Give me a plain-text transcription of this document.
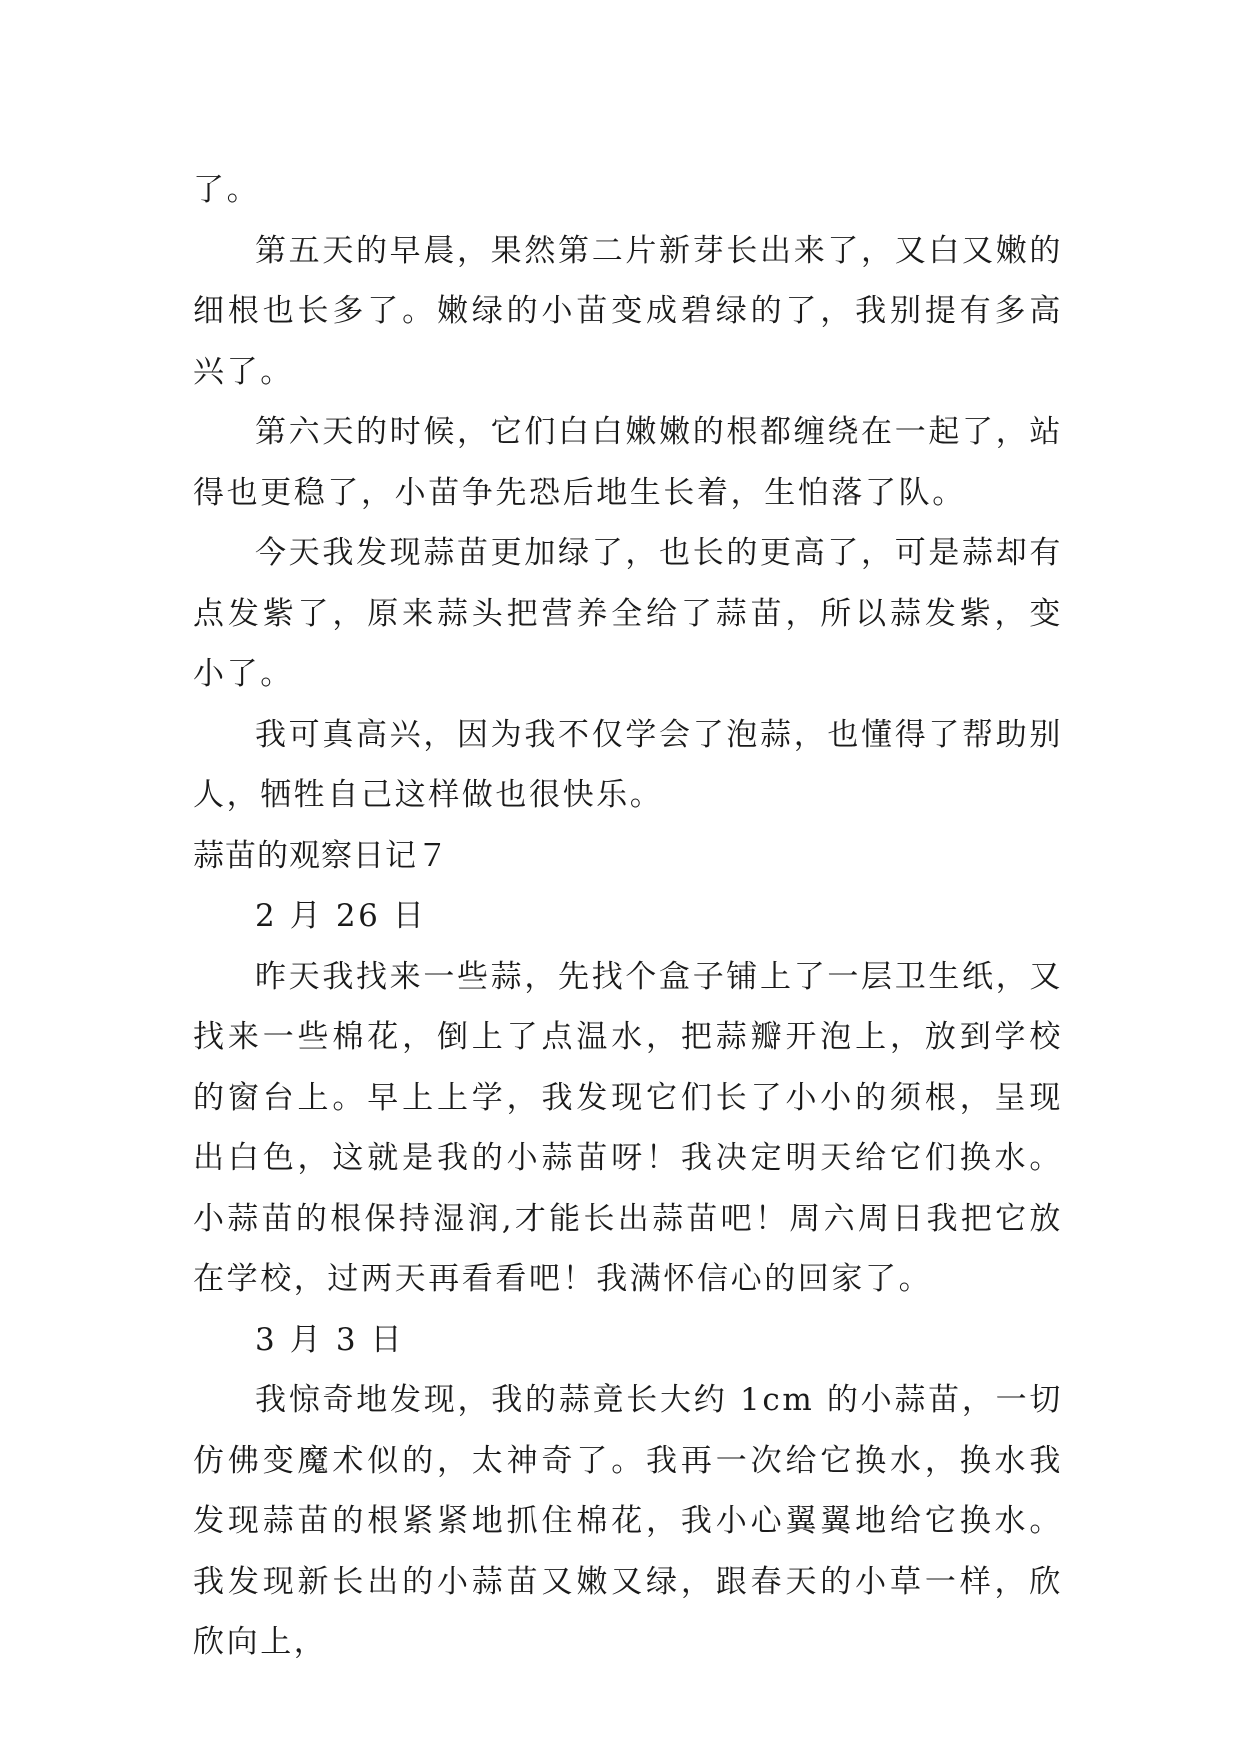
了。

第五天的早晨，果然第二片新芽长出来了，又白又嫩的细根也长多了。嫩绿的小苗变成碧绿的了，我别提有多高兴了。

第六天的时候，它们白白嫩嫩的根都缠绕在一起了，站得也更稳了，小苗争先恐后地生长着，生怕落了队。

今天我发现蒜苗更加绿了，也长的更高了，可是蒜却有点发紫了，原来蒜头把营养全给了蒜苗，所以蒜发紫，变小了。

我可真高兴，因为我不仅学会了泡蒜，也懂得了帮助别人，牺牲自己这样做也很快乐。

蒜苗的观察日记７

2 月 26 日

昨天我找来一些蒜，先找个盒子铺上了一层卫生纸，又找来一些棉花，倒上了点温水，把蒜瓣开泡上，放到学校的窗台上。早上上学，我发现它们长了小小的须根，呈现出白色，这就是我的小蒜苗呀！我决定明天给它们换水。小蒜苗的根保持湿润,才能长出蒜苗吧！周六周日我把它放在学校，过两天再看看吧！我满怀信心的回家了。

3 月 3 日

我惊奇地发现，我的蒜竟长大约 1cm 的小蒜苗，一切仿佛变魔术似的，太神奇了。我再一次给它换水，换水我发现蒜苗的根紧紧地抓住棉花，我小心翼翼地给它换水。我发现新长出的小蒜苗又嫩又绿，跟春天的小草一样，欣欣向上，
